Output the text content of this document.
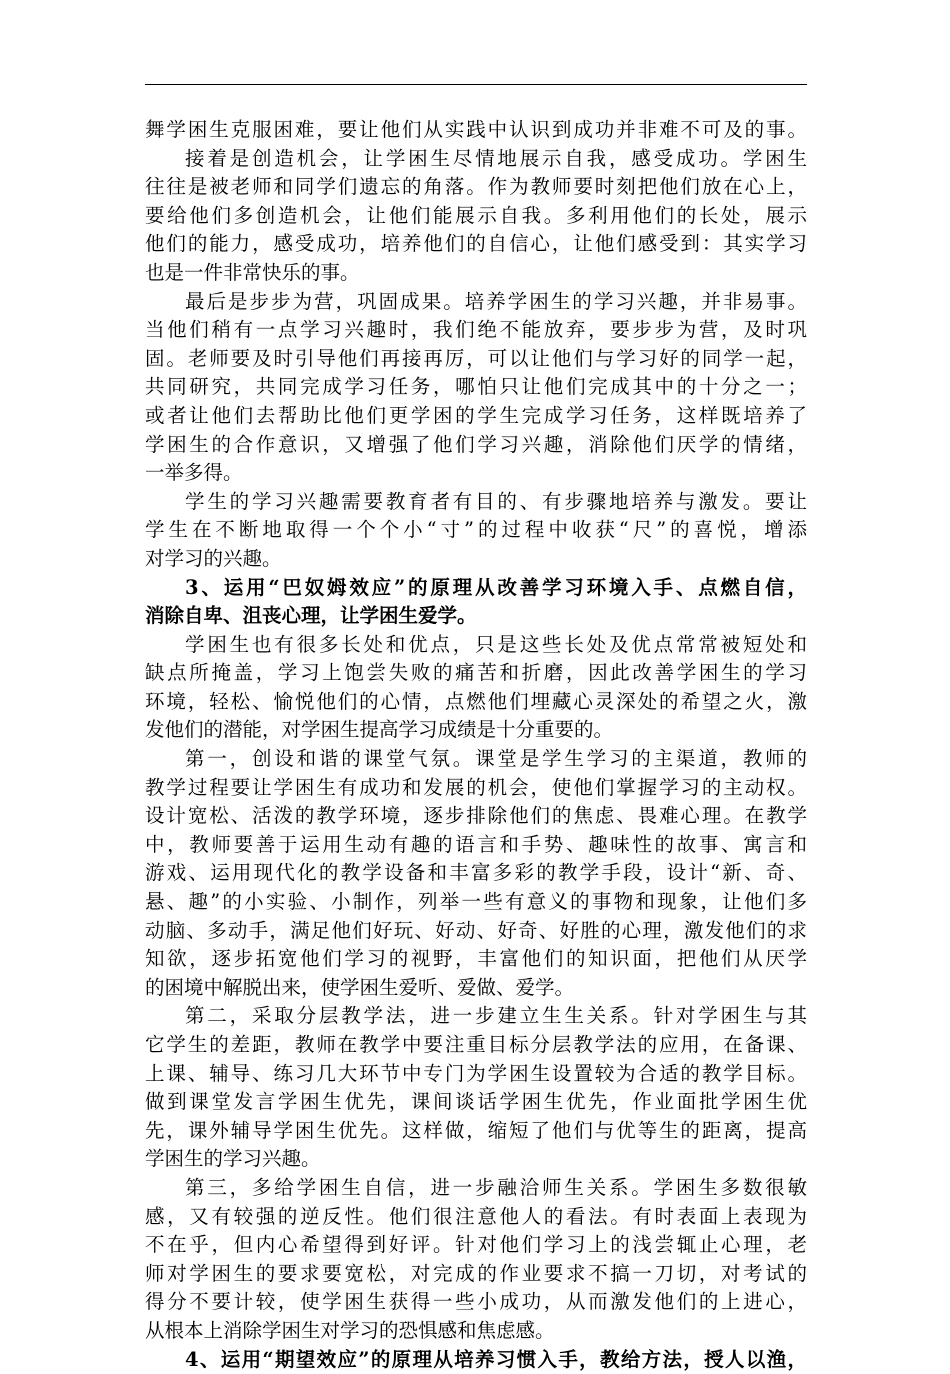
舞学困生克服困难，要让他们从实践中认识到成功并非难不可及的事。
接着是创造机会，让学困生尽情地展示自我，感受成功。学困生
往往是被老师和同学们遗忘的角落。作为教师要时刻把他们放在心上，
要给他们多创造机会，让他们能展示自我。多利用他们的长处，展示
他们的能力，感受成功，培养他们的自信心，让他们感受到：其实学习
也是一件非常快乐的事。
最后是步步为营，巩固成果。培养学困生的学习兴趣，并非易事。
当他们稍有一点学习兴趣时，我们绝不能放弃，要步步为营，及时巩
固。老师要及时引导他们再接再厉，可以让他们与学习好的同学一起，
共同研究，共同完成学习任务，哪怕只让他们完成其中的十分之一；
或者让他们去帮助比他们更学困的学生完成学习任务，这样既培养了
学困生的合作意识，又增强了他们学习兴趣，消除他们厌学的情绪，
一举多得。
学生的学习兴趣需要教育者有目的、有步骤地培养与激发。要让
学生在不断地取得一个个小“寸”的过程中收获“尺”的喜悦，增添
对学习的兴趣。
3、运用“巴奴姆效应”的原理从改善学习环境入手、点燃自信，
消除自卑、沮丧心理，让学困生爱学。
学困生也有很多长处和优点，只是这些长处及优点常常被短处和
缺点所掩盖，学习上饱尝失败的痛苦和折磨，因此改善学困生的学习
环境，轻松、愉悦他们的心情，点燃他们埋藏心灵深处的希望之火，激
发他们的潜能，对学困生提高学习成绩是十分重要的。
第一，创设和谐的课堂气氛。课堂是学生学习的主渠道，教师的
教学过程要让学困生有成功和发展的机会，使他们掌握学习的主动权。
设计宽松、活泼的教学环境，逐步排除他们的焦虑、畏难心理。在教学
中，教师要善于运用生动有趣的语言和手势、趣味性的故事、寓言和
游戏、运用现代化的教学设备和丰富多彩的教学手段，设计“新、奇、
悬、趣”的小实验、小制作，列举一些有意义的事物和现象，让他们多
动脑、多动手，满足他们好玩、好动、好奇、好胜的心理，激发他们的求
知欲，逐步拓宽他们学习的视野，丰富他们的知识面，把他们从厌学
的困境中解脱出来，使学困生爱听、爱做、爱学。
第二，采取分层教学法，进一步建立生生关系。针对学困生与其
它学生的差距，教师在教学中要注重目标分层教学法的应用，在备课、
上课、辅导、练习几大环节中专门为学困生设置较为合适的教学目标。
做到课堂发言学困生优先，课间谈话学困生优先，作业面批学困生优
先，课外辅导学困生优先。这样做，缩短了他们与优等生的距离，提高
学困生的学习兴趣。
第三，多给学困生自信，进一步融洽师生关系。学困生多数很敏
感，又有较强的逆反性。他们很注意他人的看法。有时表面上表现为
不在乎，但内心希望得到好评。针对他们学习上的浅尝辄止心理，老
师对学困生的要求要宽松，对完成的作业要求不搞一刀切，对考试的
得分不要计较，使学困生获得一些小成功，从而激发他们的上进心，
从根本上消除学困生对学习的恐惧感和焦虑感。
4、运用“期望效应”的原理从培养习惯入手，教给方法，授人以渔，
